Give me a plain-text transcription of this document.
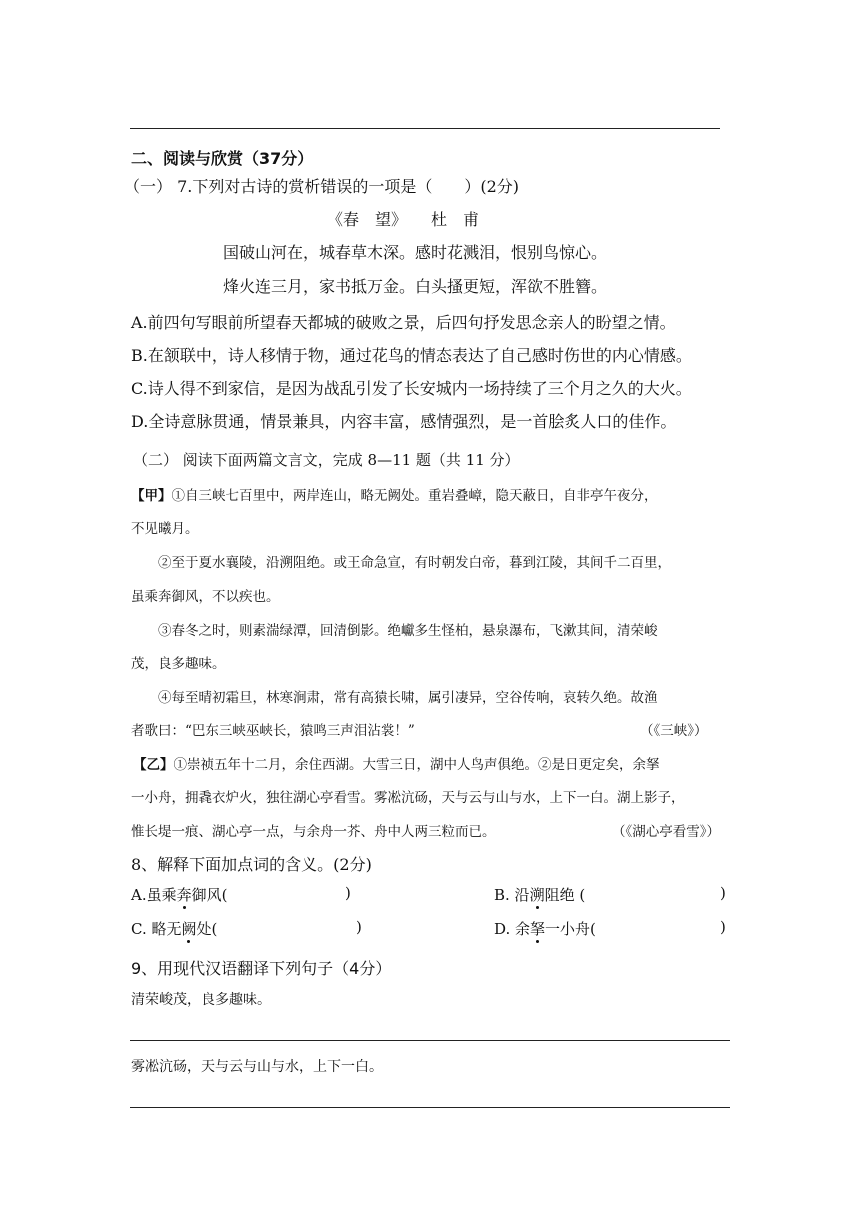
二、阅读与欣赏（37分）
（一） 7.下列对古诗的赏析错误的一项是（　　）(2分)
《春　望》　　杜　甫
国破山河在，城春草木深。感时花溅泪，恨别鸟惊心。
烽火连三月，家书抵万金。白头搔更短，浑欲不胜簪。
A.前四句写眼前所望春天都城的破败之景，后四句抒发思念亲人的盼望之情。
B.在颔联中，诗人移情于物，通过花鸟的情态表达了自己感时伤世的内心情感。
C.诗人得不到家信，是因为战乱引发了长安城内一场持续了三个月之久的大火。
D.全诗意脉贯通，情景兼具，内容丰富，感情强烈，是一首脍炙人口的佳作。
（二） 阅读下面两篇文言文，完成 8—11 题（共 11 分）
【甲】①自三峡七百里中，两岸连山，略无阙处。重岩叠嶂，隐天蔽日，自非亭午夜分，
不见曦月。
②至于夏水襄陵，沿溯阻绝。或王命急宣，有时朝发白帝，暮到江陵，其间千二百里，
虽乘奔御风，不以疾也。
③春冬之时，则素湍绿潭，回清倒影。绝巘多生怪柏，悬泉瀑布，飞漱其间，清荣峻
茂，良多趣味。
④每至晴初霜旦，林寒涧肃，常有高猿长啸，属引凄异，空谷传响，哀转久绝。故渔
者歌曰：“巴东三峡巫峡长，猿鸣三声泪沾裳！”	（《三峡》）
【乙】①崇祯五年十二月，余住西湖。大雪三日，湖中人鸟声俱绝。②是日更定矣，余拏
一小舟，拥毳衣炉火，独往湖心亭看雪。雾凇沆砀，天与云与山与水，上下一白。湖上影子，
惟长堤一痕、湖心亭一点，与余舟一芥、舟中人两三粒而已。	（《湖心亭看雪》）
8、解释下面加点词的含义。(2分)
A.虽乘奔御风(	)	B. 沿溯阻绝 (	)
C. 略无阙处(	)	D. 余拏一小舟(	)
9、用现代汉语翻译下列句子（4分）
清荣峻茂，良多趣味。
雾凇沆砀，天与云与山与水，上下一白。
